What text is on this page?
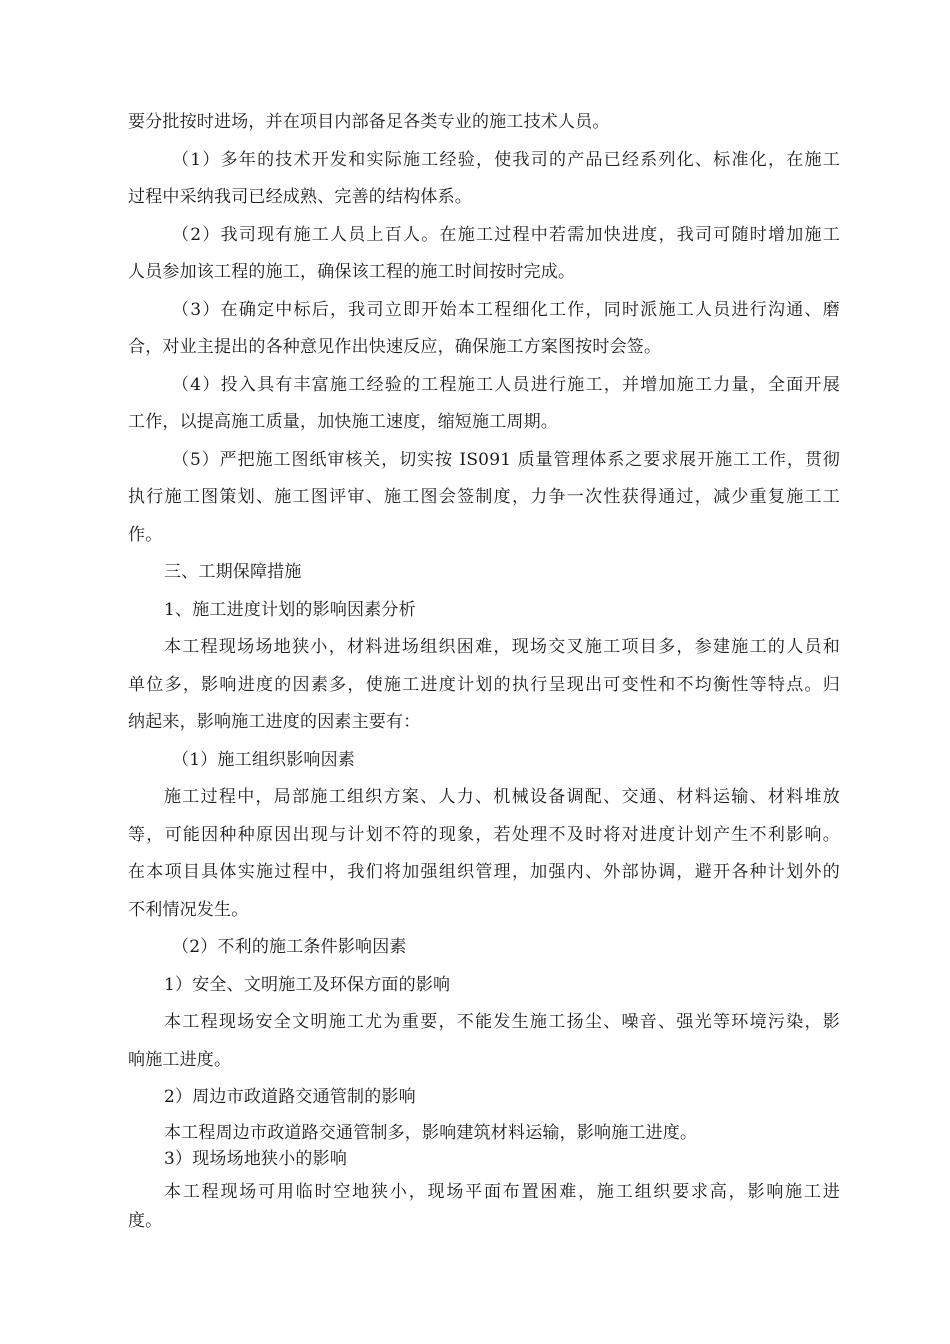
要分批按时进场，并在项目内部备足各类专业的施工技术人员。
（1）多年的技术开发和实际施工经验，使我司的产品已经系列化、标准化，在施工
过程中采纳我司已经成熟、完善的结构体系。
（2）我司现有施工人员上百人。在施工过程中若需加快进度，我司可随时增加施工
人员参加该工程的施工，确保该工程的施工时间按时完成。
（3）在确定中标后，我司立即开始本工程细化工作，同时派施工人员进行沟通、磨
合，对业主提出的各种意见作出快速反应，确保施工方案图按时会签。
（4）投入具有丰富施工经验的工程施工人员进行施工，并增加施工力量，全面开展
工作，以提高施工质量，加快施工速度，缩短施工周期。
（5）严把施工图纸审核关，切实按 IS091 质量管理体系之要求展开施工工作，贯彻
执行施工图策划、施工图评审、施工图会签制度，力争一次性获得通过，减少重复施工工
作。
三、工期保障措施
1、施工进度计划的影响因素分析
本工程现场场地狭小，材料进场组织困难，现场交叉施工项目多，参建施工的人员和
单位多，影响进度的因素多，使施工进度计划的执行呈现出可变性和不均衡性等特点。归
纳起来，影响施工进度的因素主要有：
（1）施工组织影响因素
施工过程中，局部施工组织方案、人力、机械设备调配、交通、材料运输、材料堆放
等，可能因种种原因出现与计划不符的现象，若处理不及时将对进度计划产生不利影响。
在本项目具体实施过程中，我们将加强组织管理，加强内、外部协调，避开各种计划外的
不利情况发生。
（2）不利的施工条件影响因素
1）安全、文明施工及环保方面的影响
本工程现场安全文明施工尤为重要，不能发生施工扬尘、噪音、强光等环境污染，影
响施工进度。
2）周边市政道路交通管制的影响
本工程周边市政道路交通管制多，影响建筑材料运输，影响施工进度。
3）现场场地狭小的影响
本工程现场可用临时空地狭小，现场平面布置困难，施工组织要求高，影响施工进
度。
